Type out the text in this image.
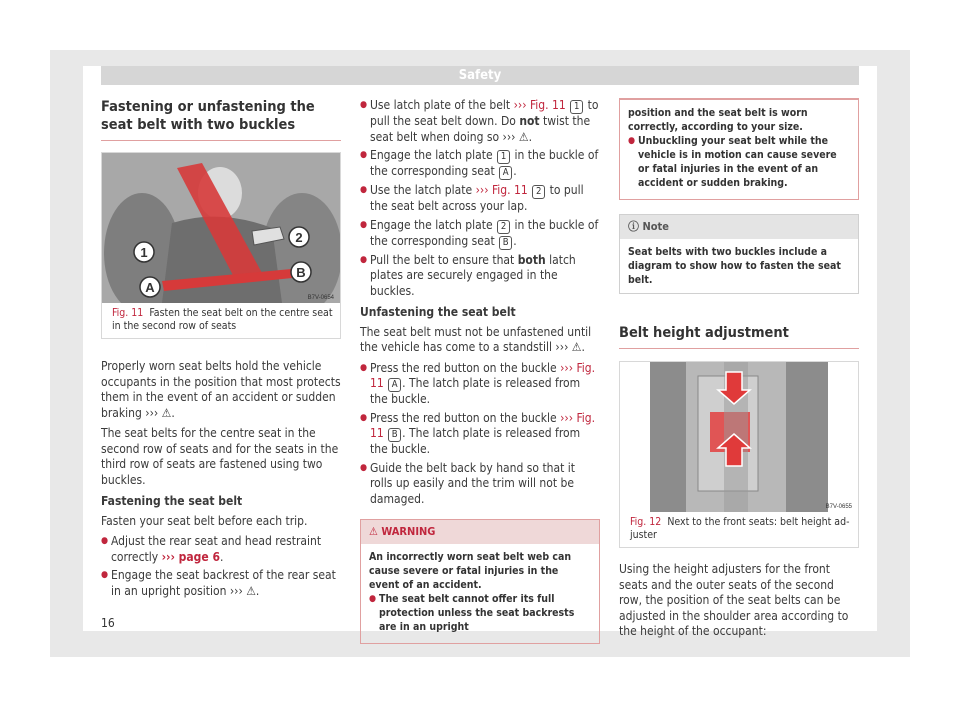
Safety
Fastening or unfastening the seat belt with two buckles
1
2
A
B
B7V-0654
Fig. 11 Fasten the seat belt on the centre seat in the second row of seats

Properly worn seat belts hold the vehicle occupants in the position that most protects them in the event of an accident or sudden braking ››› ⚠.

The seat belts for the centre seat in the second row of seats and for the seats in the third row of seats are fastened using two buckles.

Fastening the seat belt

Fasten your seat belt before each trip.

● Adjust the rear seat and head restraint correctly ››› page 6.
● Engage the seat backrest of the rear seat in an upright position ››› ⚠.
● Use latch plate of the belt ››› Fig. 11 1 to pull the seat belt down. Do not twist the seat belt when doing so ››› ⚠.
● Engage the latch plate 1 in the buckle of the corresponding seat A .
● Use the latch plate ››› Fig. 11 2 to pull the seat belt across your lap.
● Engage the latch plate 2 in the buckle of the corresponding seat B .
● Pull the belt to ensure that both latch plates are securely engaged in the buckles.

Unfastening the seat belt

The seat belt must not be unfastened until the vehicle has come to a standstill ››› ⚠.

● Press the red button on the buckle ››› Fig. 11 A . The latch plate is released from the buckle.
● Press the red button on the buckle ››› Fig. 11 B . The latch plate is released from the buckle.
● Guide the belt back by hand so that it rolls up easily and the trim will not be damaged.
⚠ WARNING
An incorrectly worn seat belt web can cause severe or fatal injuries in the event of an accident.
● The seat belt cannot offer its full protection unless the seat backrests are in an upright
position and the seat belt is worn correctly, according to your size.
● Unbuckling your seat belt while the vehicle is in motion can cause severe or fatal injuries in the event of an accident or sudden braking.
ⓘ Note
Seat belts with two buckles include a diagram to show how to fasten the seat belt.
Belt height adjustment
B7V-0655
Fig. 12 Next to the front seats: belt height adjuster

Using the height adjusters for the front seats and the outer seats of the second row, the position of the seat belts can be adjusted in the shoulder area according to the height of the occupant:

16
